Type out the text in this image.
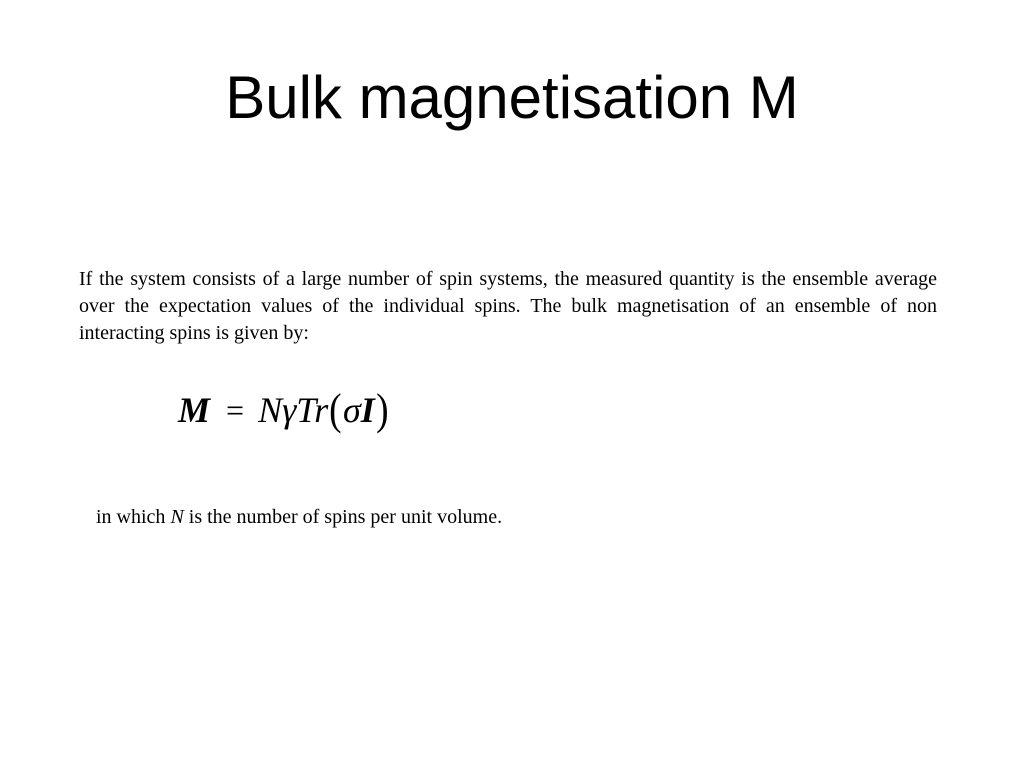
Bulk magnetisation M

If the system consists of a large number of spin systems, the measured quantity is the ensemble average over the expectation values of the individual spins. The bulk magnetisation of an ensemble of non interacting spins is given by:

M = N γ Tr ( σ I )

in which N is the number of spins per unit volume.
